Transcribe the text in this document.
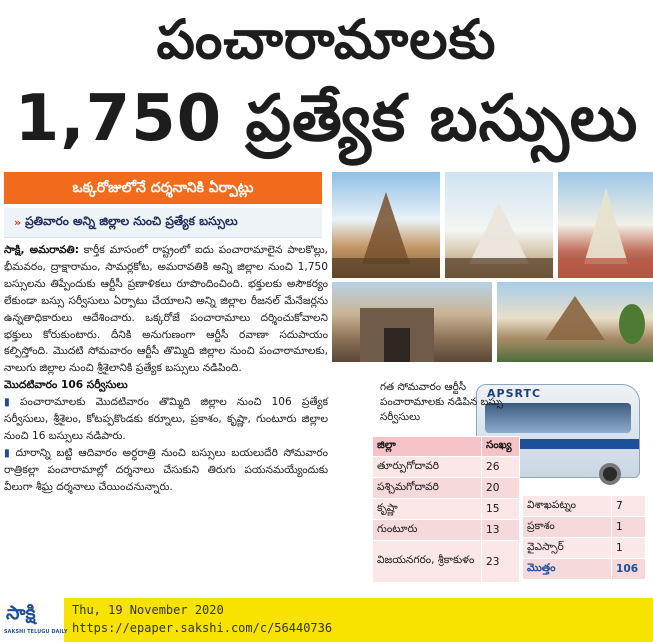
పంచారామాలకు
1,750 ప్రత్యేక బస్సులు
ఒక్కరోజులోనే దర్శనానికి ఏర్పాట్లు
» ప్రతివారం అన్ని జిల్లాల నుంచి ప్రత్యేక బస్సులు

సాక్షి, అమరావతి: కార్తీక మాసంలో రాష్ట్రంలో ఐదు పంచారామాలైన పాలకొల్లు, భీమవరం, ద్రాక్షారామం, సామర్లకోట, అమరావతికి అన్ని జిల్లాల నుంచి 1,750 బస్సులను తిప్పేందుకు ఆర్టీసీ ప్రణాళికలు రూపొందించింది. భక్తులకు అసౌకర్యం లేకుండా బస్సు సర్వీసులు ఏర్పాటు చేయాలని అన్ని జిల్లాల రీజనల్ మేనేజర్లను ఉన్నతాధికారులు ఆదేశించారు. ఒక్కరోజే పంచారామాలు దర్శించుకోవాలని భక్తులు కోరుకుంటారు. దీనికి అనుగుణంగా ఆర్టీసీ రవాణా సదుపాయం కల్పిస్తోంది. మొదటి సోమవారం ఆర్టీసీ తొమ్మిది జిల్లాల నుంచి పంచారామాలకు, నాలుగు జిల్లాల నుంచి శ్రీశైలానికి ప్రత్యేక బస్సులు నడిపింది.

మొదటివారం 106 సర్వీసులు

▮ పంచారామాలకు మొదటివారం తొమ్మిది జిల్లాల నుంచి 106 ప్రత్యేక సర్వీసులు, శ్రీశైలం, కోటప్పకొండకు కర్నూలు, ప్రకాశం, కృష్ణా, గుంటూరు జిల్లాల నుంచి 16 బస్సులు నడిపారు.

▮ దూరాన్ని బట్టి ఆదివారం అర్ధరాత్రి నుంచి బస్సులు బయలుదేరి సోమవారం రాత్రికల్లా పంచారామాల్లో దర్శనాలు చేసుకుని తిరుగు పయనమయ్యేందుకు వీలుగా శీఘ్ర దర్శనాలు చేయించనున్నారు.

APSRTC
గత సోమవారం ఆర్టీసీ పంచారామాలకు నడిపిన బస్సు సర్వీసులు
జిల్లా	సంఖ్య
తూర్పుగోదావరి	26
పశ్చిమగోదావరి	20
కృష్ణా	15
గుంటూరు	13
విజయనగరం, శ్రీకాకుళం	23
విశాఖపట్నం	7
ప్రకాశం	1
వైఎస్సార్	1
మొత్తం	106
సాక్షి
SAKSHI TELUGU DAILY
Thu, 19 November 2020
https://epaper.sakshi.com/c/56440736
